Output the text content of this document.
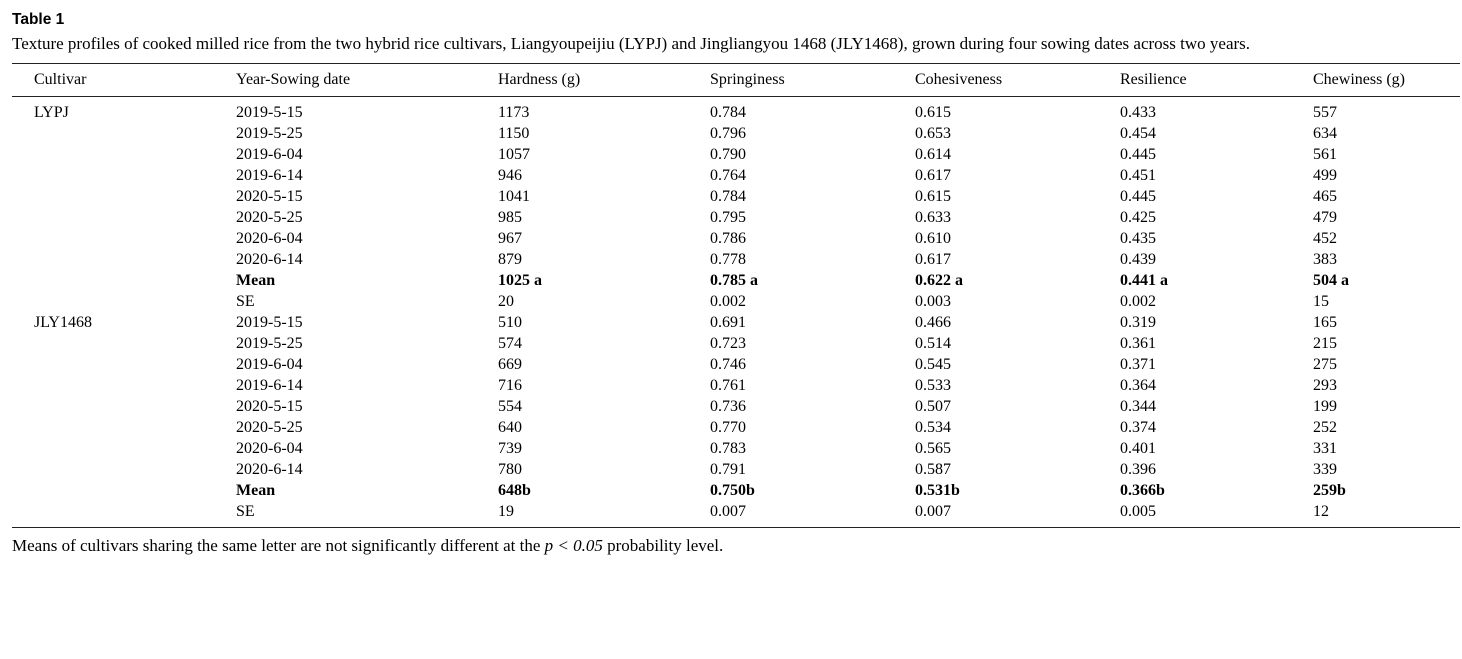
Table 1
Texture profiles of cooked milled rice from the two hybrid rice cultivars, Liangyoupeijiu (LYPJ) and Jingliangyou 1468 (JLY1468), grown during four sowing dates across two years.
Cultivar	Year-Sowing date	Hardness (g)	Springiness	Cohesiveness	Resilience	Chewiness (g)
LYPJ	2019-5-15	1173	0.784	0.615	0.433	557
	2019-5-25	1150	0.796	0.653	0.454	634
	2019-6-04	1057	0.790	0.614	0.445	561
	2019-6-14	946	0.764	0.617	0.451	499
	2020-5-15	1041	0.784	0.615	0.445	465
	2020-5-25	985	0.795	0.633	0.425	479
	2020-6-04	967	0.786	0.610	0.435	452
	2020-6-14	879	0.778	0.617	0.439	383
	Mean	1025 a	0.785 a	0.622 a	0.441 a	504 a
	SE	20	0.002	0.003	0.002	15
JLY1468	2019-5-15	510	0.691	0.466	0.319	165
	2019-5-25	574	0.723	0.514	0.361	215
	2019-6-04	669	0.746	0.545	0.371	275
	2019-6-14	716	0.761	0.533	0.364	293
	2020-5-15	554	0.736	0.507	0.344	199
	2020-5-25	640	0.770	0.534	0.374	252
	2020-6-04	739	0.783	0.565	0.401	331
	2020-6-14	780	0.791	0.587	0.396	339
	Mean	648b	0.750b	0.531b	0.366b	259b
	SE	19	0.007	0.007	0.005	12
Means of cultivars sharing the same letter are not significantly different at the p < 0.05 probability level.
